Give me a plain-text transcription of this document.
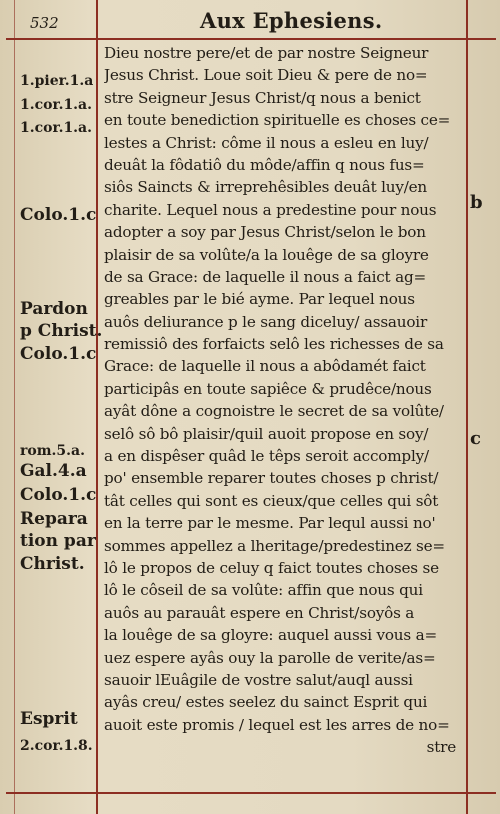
532	Aux Ephesiens.
Dieu nostre pere/et de par nostre Seigneur
Jesus Christ. Loue soit Dieu & pere de no=
stre Seigneur Jesus Christ/q nous a benict
en toute benediction spirituelle es choses ce=
lestes a Christ: côme il nous a esleu en luy/
deuât la fôdatiô du môde/affin q nous fus=
siôs Saincts & irreprehêsibles deuât luy/en
charite. Lequel nous a predestine pour nous
adopter a soy par Jesus Christ/selon le bon
plaisir de sa volûte/a la louêge de sa gloyre
de sa Grace: de laquelle il nous a faict ag=
greables par le bié ayme. Par lequel nous
auôs deliurance p le sang diceluy/ assauoir
remissiô des forfaicts selô les richesses de sa
Grace: de laquelle il nous a abôdamét faict
participâs en toute sapiêce & prudêce/nous
ayât dône a cognoistre le secret de sa volûte/
selô sô bô plaisir/quil auoit propose en soy/
a en dispêser quâd le têps seroit accomply/
po' ensemble reparer toutes choses p christ/
tât celles qui sont es cieux/que celles qui sôt
en la terre par le mesme. Par lequl aussi no'
sommes appellez a lheritage/predestinez se=
lô le propos de celuy q faict toutes choses se
lô le côseil de sa volûte: affin que nous qui
auôs au parauât espere en Christ/soyôs a
la louêge de sa gloyre: auquel aussi vous a=
uez espere ayâs ouy la parolle de verite/as=
sauoir lEuâgile de vostre salut/auql aussi
ayâs creu/ estes seelez du sainct Esprit qui
auoit este promis / lequel est les arres de no=
stre
1.pier.1.a
1.cor.1.a.
1.cor.1.a.
Colo.1.c
Pardon
p Christ.
Colo.1.c
rom.5.a.
Gal.4.a
Colo.1.c
Repara
tion par
Christ.
Esprit
2.cor.1.8.
b
c
